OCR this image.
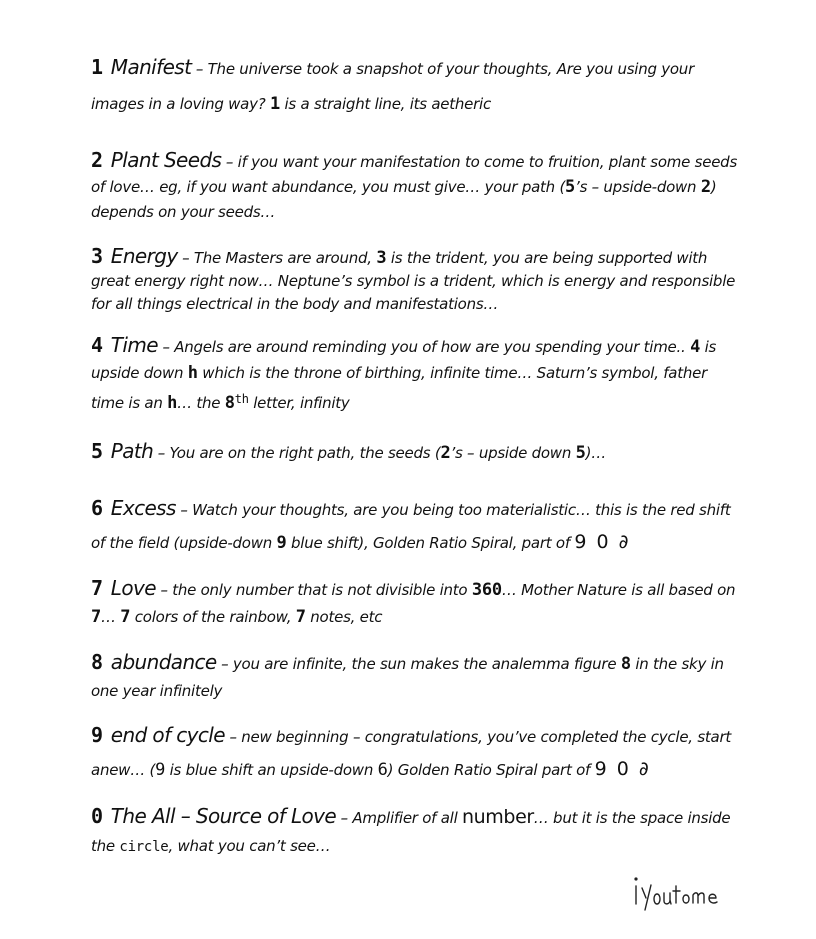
1 Manifest – The universe took a snapshot of your thoughts, Are you using your images in a loving way? 1 is a straight line, its aetheric

2 Plant Seeds – if you want your manifestation to come to fruition, plant some seeds of love… eg, if you want abundance, you must give… your path (5’s – upside-down 2) depends on your seeds…

3 Energy – The Masters are around, 3 is the trident, you are being supported with great energy right now… Neptune’s symbol is a trident, which is energy and responsible for all things electrical in the body and manifestations…

4 Time – Angels are around reminding you of how are you spending your time.. 4 is upside down h which is the throne of birthing, infinite time… Saturn’s symbol, father time is an h… the 8th letter, infinity

5 Path – You are on the right path, the seeds (2’s – upside down 5)…

6 Excess – Watch your thoughts, are you being too materialistic… this is the red shift of the field (upside-down 9 blue shift), Golden Ratio Spiral, part of 9 0 ∂

7 Love – the only number that is not divisible into 360… Mother Nature is all based on 7… 7 colors of the rainbow, 7 notes, etc

8 abundance – you are infinite, the sun makes the analemma figure 8 in the sky in one year infinitely

9 end of cycle – new beginning – congratulations, you’ve completed the cycle, start anew… (9 is blue shift an upside-down 6) Golden Ratio Spiral part of 9 0 ∂

0 The All – Source of Love – Amplifier of all number… but it is the space inside the circle, what you can’t see…
